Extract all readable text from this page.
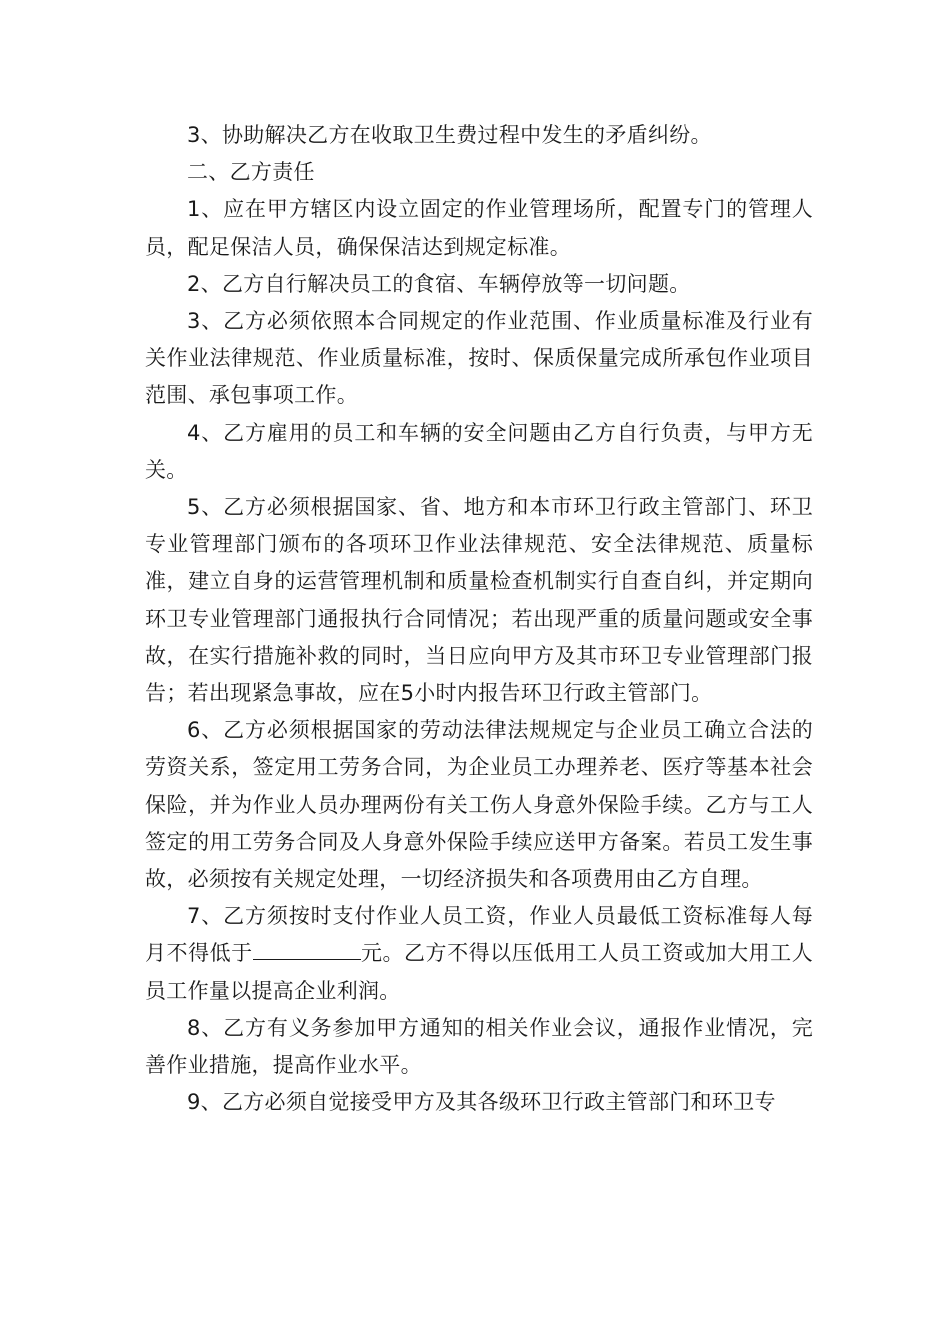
3、协助解决乙方在收取卫生费过程中发生的矛盾纠纷。

二、乙方责任

1、应在甲方辖区内设立固定的作业管理场所，配置专门的管理人员，配足保洁人员，确保保洁达到规定标准。

2、乙方自行解决员工的食宿、车辆停放等一切问题。

3、乙方必须依照本合同规定的作业范围、作业质量标准及行业有关作业法律规范、作业质量标准，按时、保质保量完成所承包作业项目范围、承包事项工作。

4、乙方雇用的员工和车辆的安全问题由乙方自行负责，与甲方无关。

5、乙方必须根据国家、省、地方和本市环卫行政主管部门、环卫专业管理部门颁布的各项环卫作业法律规范、安全法律规范、质量标准，建立自身的运营管理机制和质量检查机制实行自查自纠，并定期向环卫专业管理部门通报执行合同情况；若出现严重的质量问题或安全事故，在实行措施补救的同时，当日应向甲方及其市环卫专业管理部门报告；若出现紧急事故，应在5小时内报告环卫行政主管部门。

6、乙方必须根据国家的劳动法律法规规定与企业员工确立合法的劳资关系，签定用工劳务合同，为企业员工办理养老、医疗等基本社会保险，并为作业人员办理两份有关工伤人身意外保险手续。乙方与工人签定的用工劳务合同及人身意外保险手续应送甲方备案。若员工发生事故，必须按有关规定处理，一切经济损失和各项费用由乙方自理。

7、乙方须按时支付作业人员工资，作业人员最低工资标准每人每月不得低于	元。乙方不得以压低用工人员工资或加大用工人员工作量以提高企业利润。

8、乙方有义务参加甲方通知的相关作业会议，通报作业情况，完善作业措施，提高作业水平。

9、乙方必须自觉接受甲方及其各级环卫行政主管部门和环卫专
